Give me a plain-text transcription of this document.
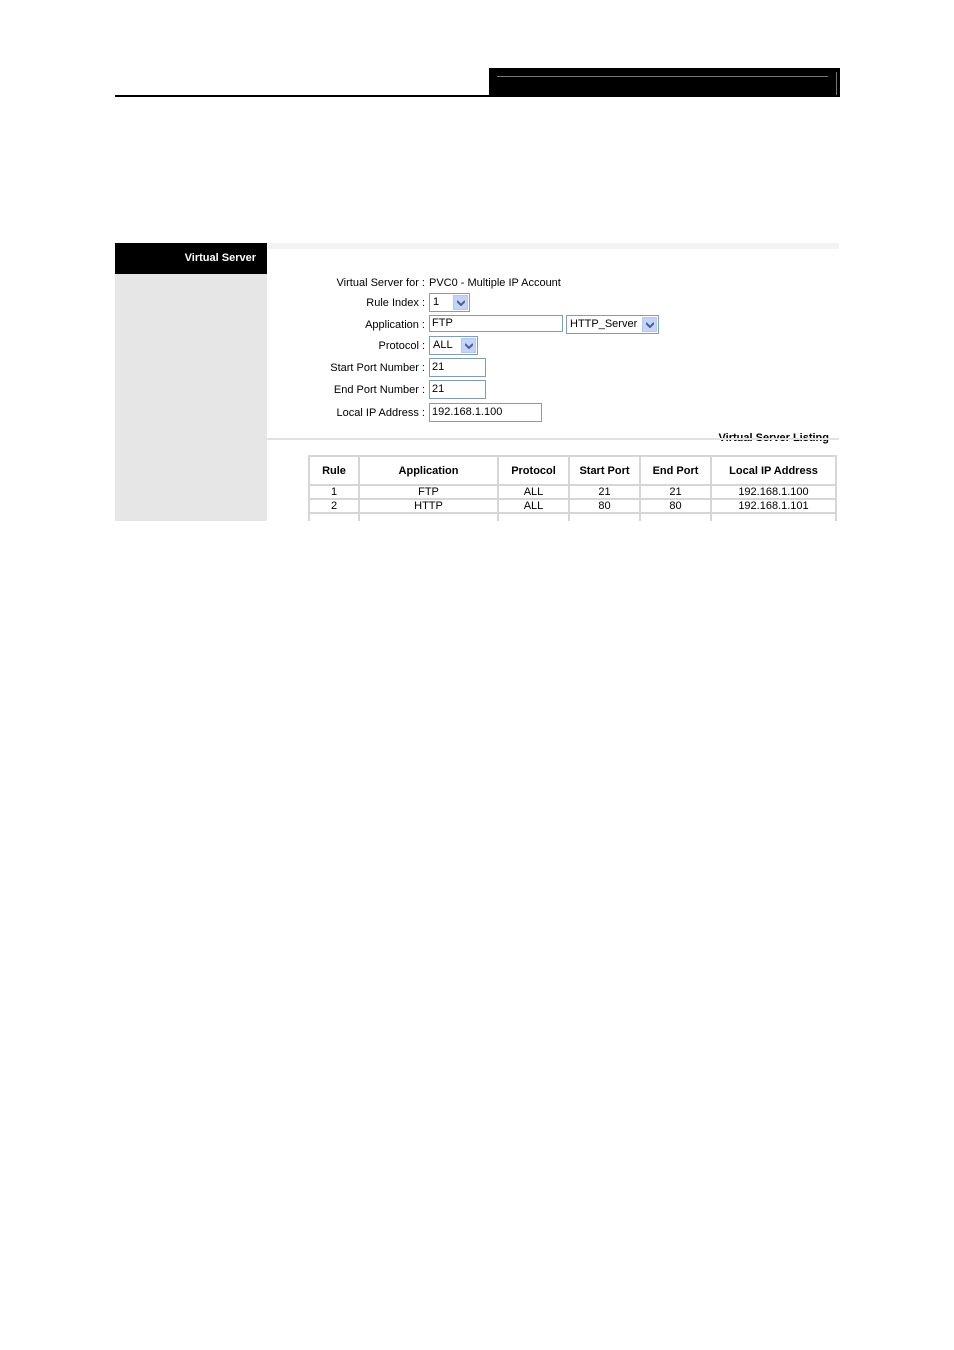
Virtual Server
Virtual Server for : PVC0 - Multiple IP Account
Rule Index : 1
Application : FTP	HTTP_Server
Protocol : ALL
Start Port Number : 21
End Port Number : 21
Local IP Address : 192.168.1.100
Rule	Application	Protocol	Start Port	End Port	Local IP Address
1	FTP	ALL	21	21	192.168.1.100
2	HTTP	ALL	80	80	192.168.1.101
